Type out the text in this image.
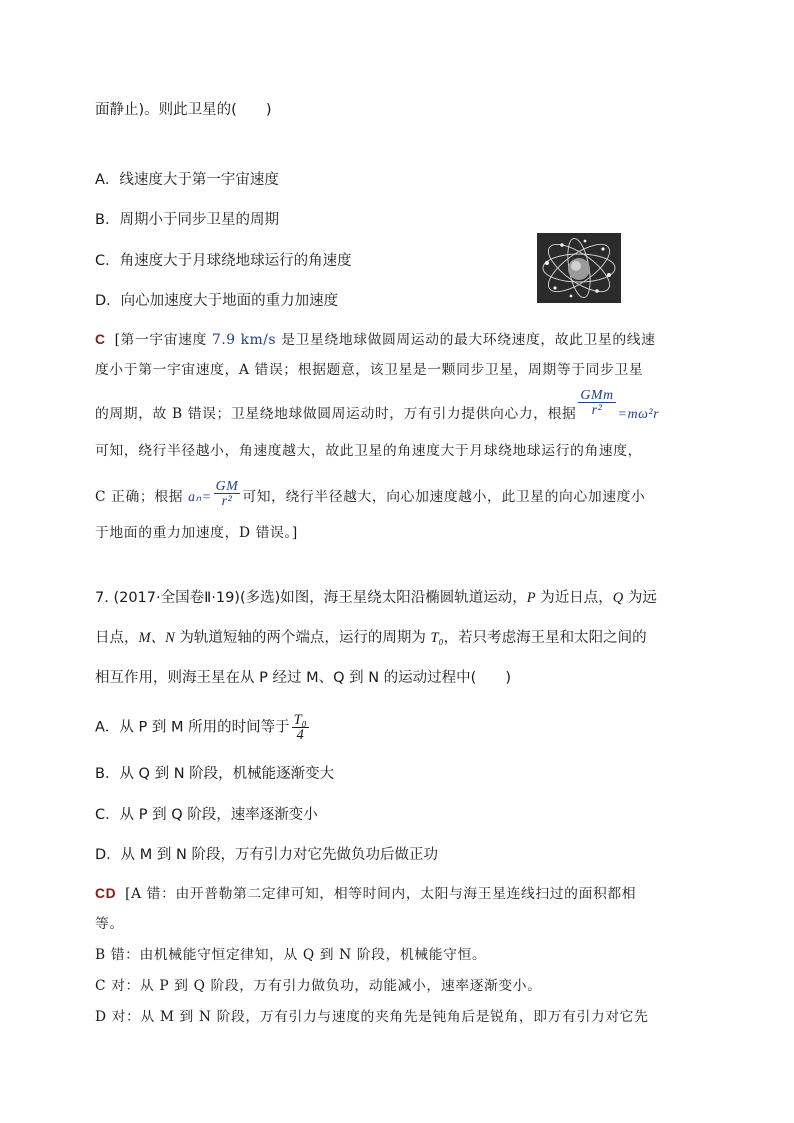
面静止)。则此卫星的(　　)
A．线速度大于第一宇宙速度
B．周期小于同步卫星的周期
C．角速度大于月球绕地球运行的角速度
D．向心加速度大于地面的重力加速度
C [第一宇宙速度 7.9 km/s 是卫星绕地球做圆周运动的最大环绕速度，故此卫星的线速
度小于第一宇宙速度，A 错误；根据题意，该卫星是一颗同步卫星，周期等于同步卫星
的周期，故 B 错误；卫星绕地球做圆周运动时，万有引力提供向心力，根据 $\frac{\text{GMm}}{\text{r²}} =m\omega^2r$
可知，绕行半径越小，角速度越大，故此卫星的角速度大于月球绕地球运行的角速度，
C 正确；根据 $a_n= \frac{GM}{\text{r²}}$ 可知，绕行半径越大，向心加速度越小，此卫星的向心加速度小
于地面的重力加速度，D 错误。]
7. (2017·全国卷Ⅱ·19)(多选)如图，海王星绕太阳沿椭圆轨道运动，P 为近日点，Q 为远
日点，M、N 为轨道短轴的两个端点，运行的周期为 T₀，若只考虑海王星和太阳之间的
相互作用，则海王星在从 P 经过 M、Q 到 N 的运动过程中(　　)
A．从 P 到 M 所用的时间等于 $\frac{\text{T₀}}{4}$
B．从 Q 到 N 阶段，机械能逐渐变大
C．从 P 到 Q 阶段，速率逐渐变小
D．从 M 到 N 阶段，万有引力对它先做负功后做正功
CD [A 错：由开普勒第二定律可知，相等时间内，太阳与海王星连线扫过的面积都相
等。
B 错：由机械能守恒定律知，从 Q 到 N 阶段，机械能守恒。
C 对：从 P 到 Q 阶段，万有引力做负功，动能减小，速率逐渐变小。
D 对：从 M 到 N 阶段，万有引力与速度的夹角先是钝角后是锐角，即万有引力对它先
